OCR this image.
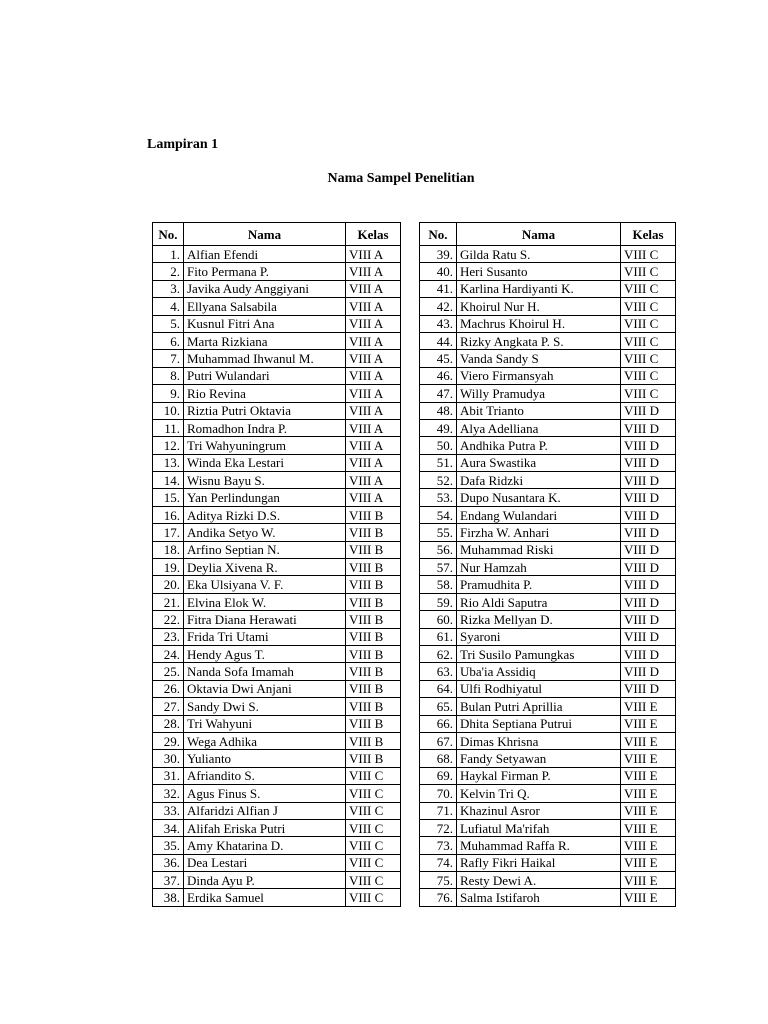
Lampiran 1
Nama Sampel Penelitian
No.	Nama	Kelas
1.	Alfian Efendi	VIII A
2.	Fito Permana P.	VIII A
3.	Javika Audy Anggiyani	VIII A
4.	Ellyana Salsabila	VIII A
5.	Kusnul Fitri Ana	VIII A
6.	Marta Rizkiana	VIII A
7.	Muhammad Ihwanul M.	VIII A
8.	Putri Wulandari	VIII A
9.	Rio Revina	VIII A
10.	Riztia Putri Oktavia	VIII A
11.	Romadhon Indra P.	VIII A
12.	Tri Wahyuningrum	VIII A
13.	Winda Eka Lestari	VIII A
14.	Wisnu Bayu S.	VIII A
15.	Yan Perlindungan	VIII A
16.	Aditya Rizki D.S.	VIII B
17.	Andika Setyo W.	VIII B
18.	Arfino Septian N.	VIII B
19.	Deylia Xivena R.	VIII B
20.	Eka Ulsiyana V. F.	VIII B
21.	Elvina Elok W.	VIII B
22.	Fitra Diana Herawati	VIII B
23.	Frida Tri Utami	VIII B
24.	Hendy Agus T.	VIII B
25.	Nanda Sofa Imamah	VIII B
26.	Oktavia Dwi Anjani	VIII B
27.	Sandy Dwi S.	VIII B
28.	Tri Wahyuni	VIII B
29.	Wega Adhika	VIII B
30.	Yulianto	VIII B
31.	Afriandito S.	VIII C
32.	Agus Finus S.	VIII C
33.	Alfaridzi Alfian J	VIII C
34.	Alifah Eriska Putri	VIII C
35.	Amy Khatarina D.	VIII C
36.	Dea Lestari	VIII C
37.	Dinda Ayu P.	VIII C
38.	Erdika Samuel	VIII C
No.	Nama	Kelas
39.	Gilda Ratu S.	VIII C
40.	Heri Susanto	VIII C
41.	Karlina Hardiyanti K.	VIII C
42.	Khoirul Nur H.	VIII C
43.	Machrus Khoirul H.	VIII C
44.	Rizky Angkata P. S.	VIII C
45.	Vanda Sandy S	VIII C
46.	Viero Firmansyah	VIII C
47.	Willy Pramudya	VIII C
48.	Abit Trianto	VIII D
49.	Alya Adelliana	VIII D
50.	Andhika Putra P.	VIII D
51.	Aura Swastika	VIII D
52.	Dafa Ridzki	VIII D
53.	Dupo Nusantara K.	VIII D
54.	Endang Wulandari	VIII D
55.	Firzha W. Anhari	VIII D
56.	Muhammad Riski	VIII D
57.	Nur Hamzah	VIII D
58.	Pramudhita P.	VIII D
59.	Rio Aldi Saputra	VIII D
60.	Rizka Mellyan D.	VIII D
61.	Syaroni	VIII D
62.	Tri Susilo Pamungkas	VIII D
63.	Uba'ia Assidiq	VIII D
64.	Ulfi Rodhiyatul	VIII D
65.	Bulan Putri Aprillia	VIII E
66.	Dhita Septiana Putrui	VIII E
67.	Dimas Khrisna	VIII E
68.	Fandy Setyawan	VIII E
69.	Haykal Firman P.	VIII E
70.	Kelvin Tri Q.	VIII E
71.	Khazinul Asror	VIII E
72.	Lufiatul Ma'rifah	VIII E
73.	Muhammad Raffa R.	VIII E
74.	Rafly Fikri Haikal	VIII E
75.	Resty Dewi A.	VIII E
76.	Salma Istifaroh	VIII E
